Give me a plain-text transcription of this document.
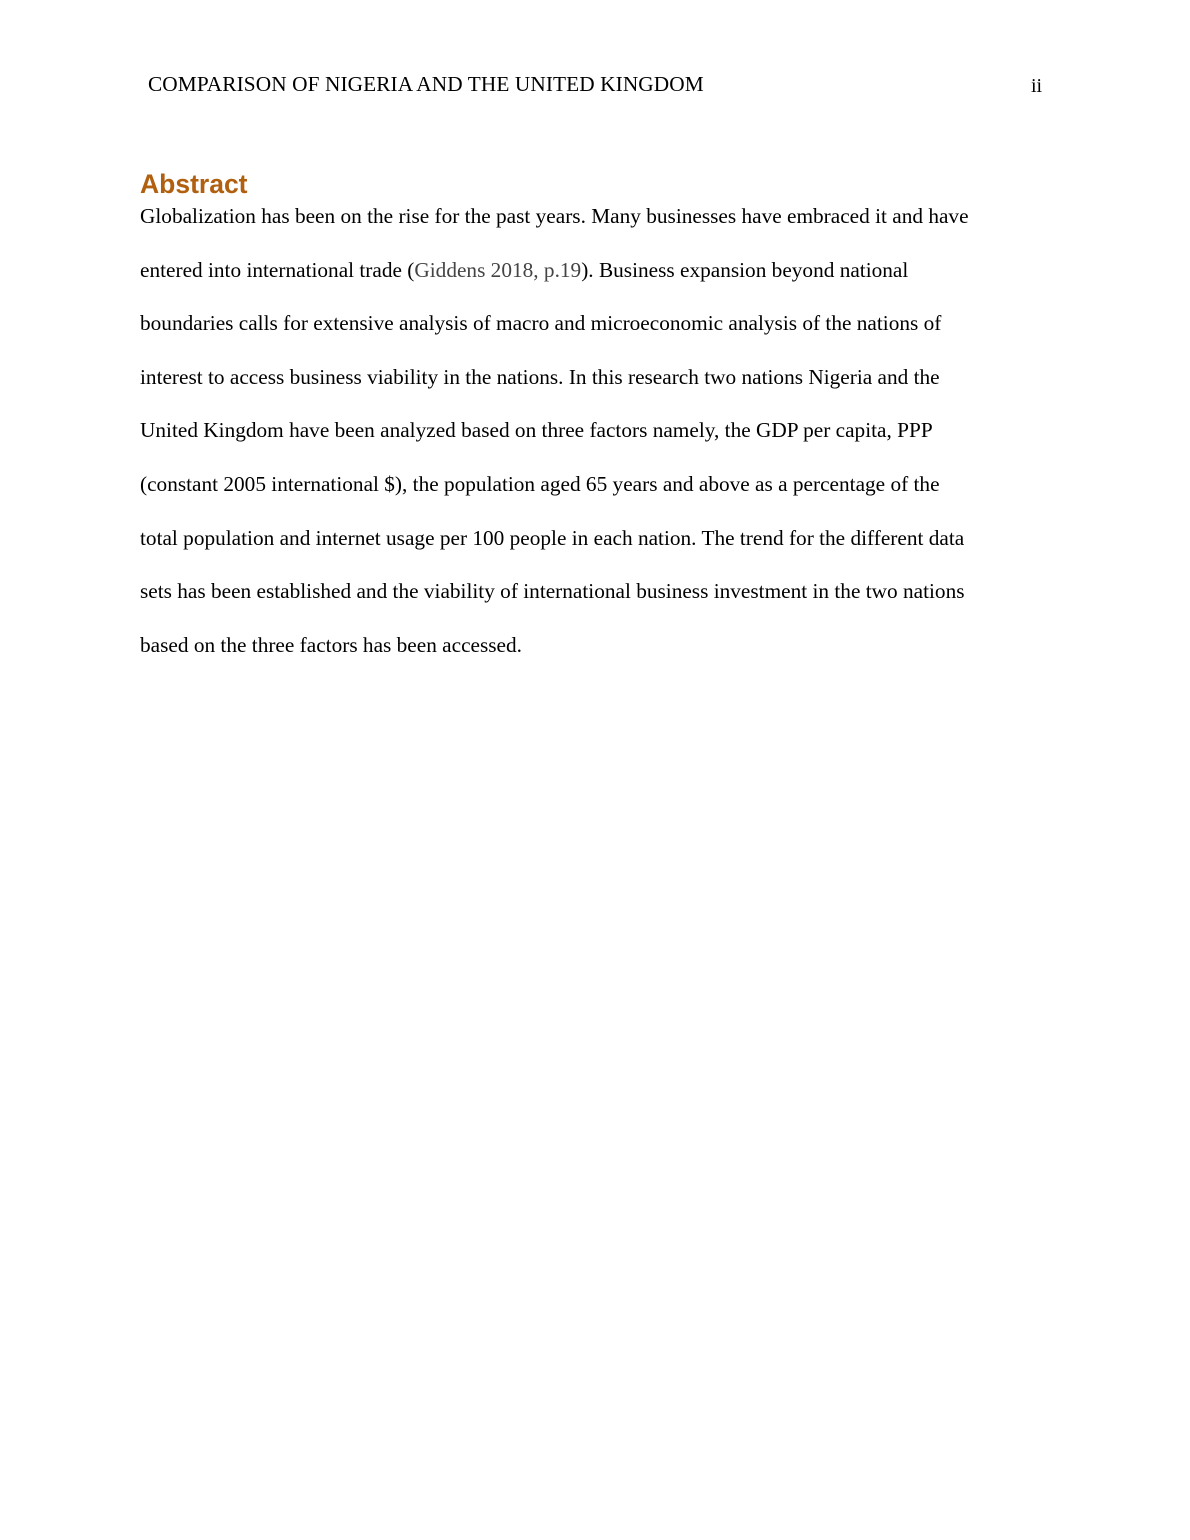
COMPARISON OF NIGERIA AND THE UNITED KINGDOM	ii
Abstract
Globalization has been on the rise for the past years. Many businesses have embraced it and have
entered into international trade (Giddens 2018, p.19). Business expansion beyond national
boundaries calls for extensive analysis of macro and microeconomic analysis of the nations of
interest to access business viability in the nations. In this research two nations Nigeria and the
United Kingdom have been analyzed based on three factors namely, the GDP per capita, PPP
(constant 2005 international $), the population aged 65 years and above as a percentage of the
total population and internet usage per 100 people in each nation. The trend for the different data
sets has been established and the viability of international business investment in the two nations
based on the three factors has been accessed.
